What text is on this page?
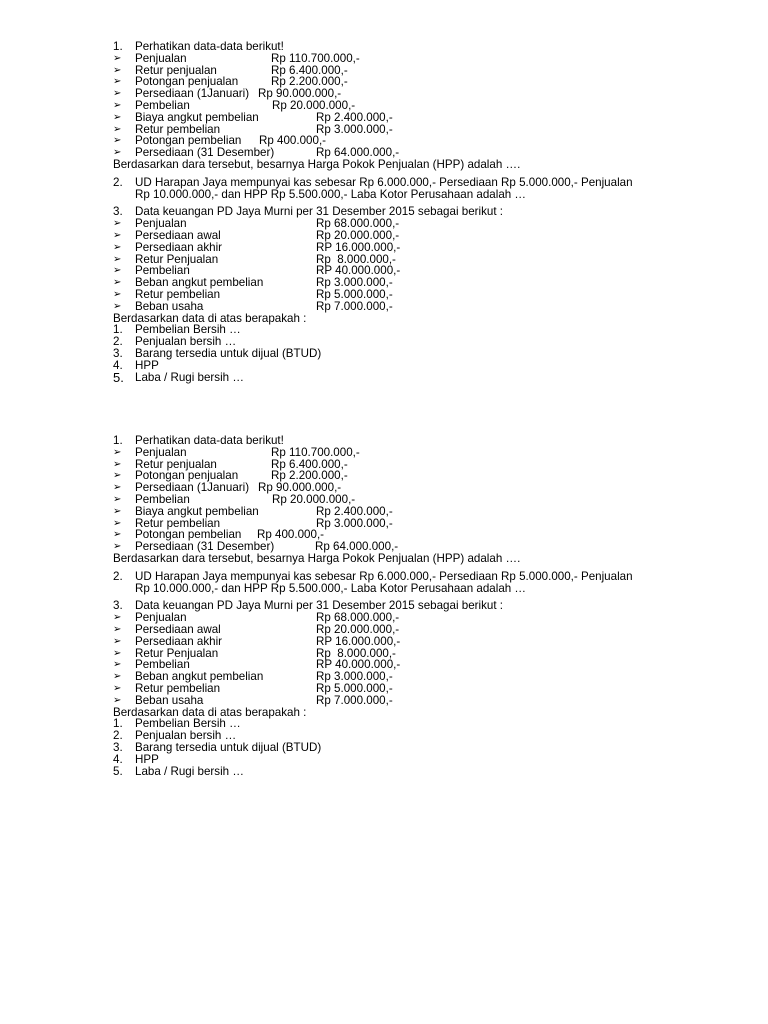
1. Perhatikan data-data berikut!
➢ Penjualan	Rp 110.700.000,-
➢ Retur penjualan	Rp 6.400.000,-
➢ Potongan penjualan	Rp 2.200.000,-
➢ Persediaan (1Januari) Rp 90.000.000,-
➢ Pembelian	Rp 20.000.000,-
➢ Biaya angkut pembelian	Rp 2.400.000,-
➢ Retur pembelian	Rp 3.000.000,-
➢ Potongan pembelian Rp 400.000,-
➢ Persediaan (31 Desember)	Rp 64.000.000,-
Berdasarkan dara tersebut, besarnya Harga Pokok Penjualan (HPP) adalah ….
2. UD Harapan Jaya mempunyai kas sebesar Rp 6.000.000,- Persediaan Rp 5.000.000,- Penjualan
Rp 10.000.000,- dan HPP Rp 5.500.000,- Laba Kotor Perusahaan adalah …
3. Data keuangan PD Jaya Murni per 31 Desember 2015 sebagai berikut :
➢ Penjualan	Rp 68.000.000,-
➢ Persediaan awal	Rp 20.000.000,-
➢ Persediaan akhir	RP 16.000.000,-
➢ Retur Penjualan	Rp  8.000.000,-
➢ Pembelian	RP 40.000.000,-
➢ Beban angkut pembelian	Rp 3.000.000,-
➢ Retur pembelian	Rp 5.000.000,-
➢ Beban usaha	Rp 7.000.000,-
Berdasarkan data di atas berapakah :
1. Pembelian Bersih …
2. Penjualan bersih …
3. Barang tersedia untuk dijual (BTUD)
4. HPP
5. Laba / Rugi bersih …
1. Perhatikan data-data berikut!
➢ Penjualan	Rp 110.700.000,-
➢ Retur penjualan	Rp 6.400.000,-
➢ Potongan penjualan	Rp 2.200.000,-
➢ Persediaan (1Januari) Rp 90.000.000,-
➢ Pembelian	Rp 20.000.000,-
➢ Biaya angkut pembelian	Rp 2.400.000,-
➢ Retur pembelian	Rp 3.000.000,-
➢ Potongan pembelian Rp 400.000,-
➢ Persediaan (31 Desember)	Rp 64.000.000,-
Berdasarkan dara tersebut, besarnya Harga Pokok Penjualan (HPP) adalah ….
2. UD Harapan Jaya mempunyai kas sebesar Rp 6.000.000,- Persediaan Rp 5.000.000,- Penjualan
Rp 10.000.000,- dan HPP Rp 5.500.000,- Laba Kotor Perusahaan adalah …
3. Data keuangan PD Jaya Murni per 31 Desember 2015 sebagai berikut :
➢ Penjualan	Rp 68.000.000,-
➢ Persediaan awal	Rp 20.000.000,-
➢ Persediaan akhir	RP 16.000.000,-
➢ Retur Penjualan	Rp  8.000.000,-
➢ Pembelian	RP 40.000.000,-
➢ Beban angkut pembelian	Rp 3.000.000,-
➢ Retur pembelian	Rp 5.000.000,-
➢ Beban usaha	Rp 7.000.000,-
Berdasarkan data di atas berapakah :
1. Pembelian Bersih …
2. Penjualan bersih …
3. Barang tersedia untuk dijual (BTUD)
4. HPP
5. Laba / Rugi bersih …
